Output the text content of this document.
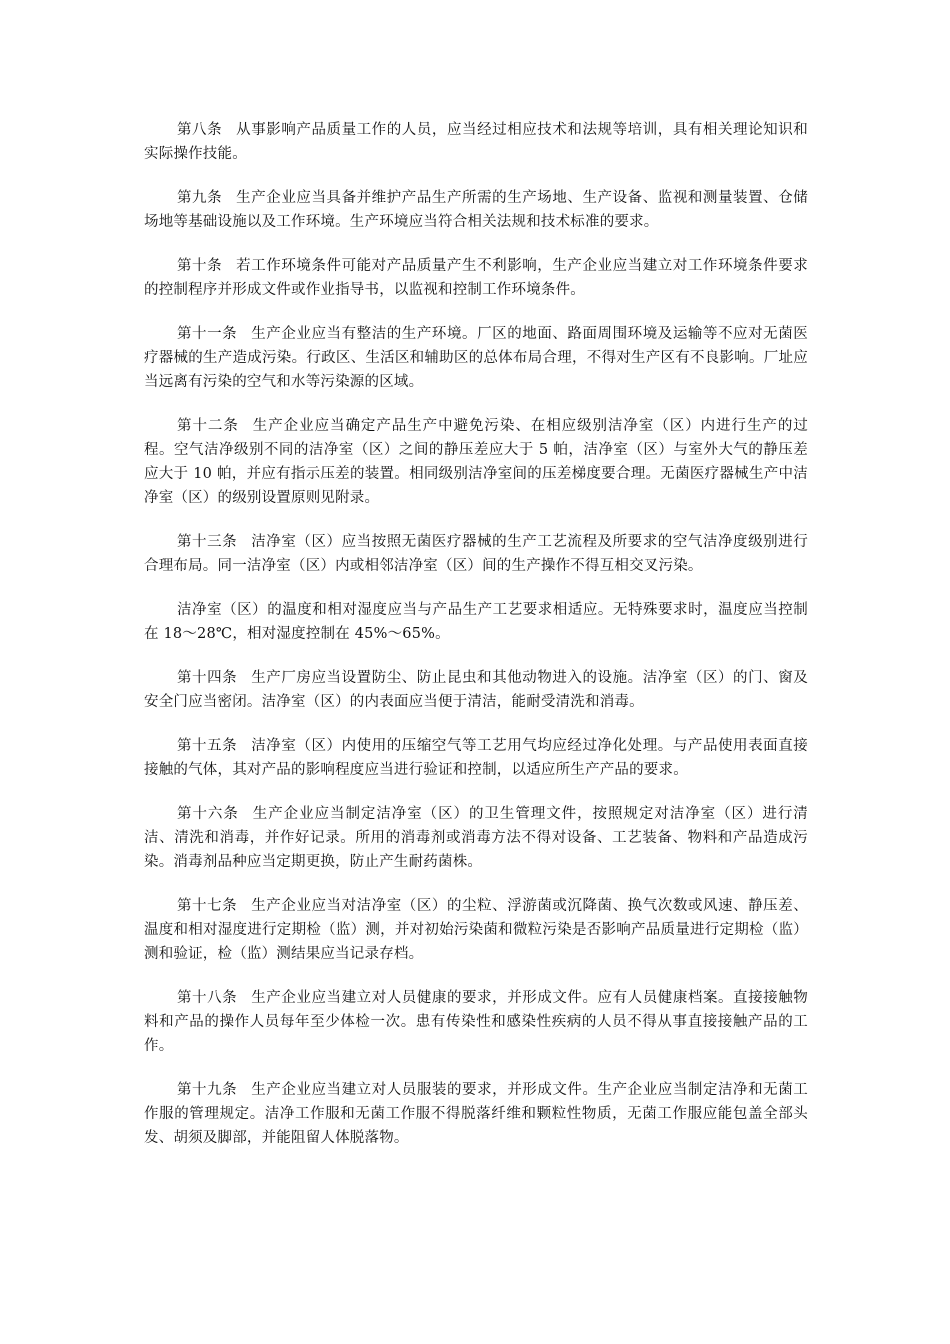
第八条 从事影响产品质量工作的人员，应当经过相应技术和法规等培训，具有相关理论知识和实际操作技能。

第九条 生产企业应当具备并维护产品生产所需的生产场地、生产设备、监视和测量装置、仓储场地等基础设施以及工作环境。生产环境应当符合相关法规和技术标准的要求。

第十条 若工作环境条件可能对产品质量产生不利影响，生产企业应当建立对工作环境条件要求的控制程序并形成文件或作业指导书，以监视和控制工作环境条件。

第十一条 生产企业应当有整洁的生产环境。厂区的地面、路面周围环境及运输等不应对无菌医疗器械的生产造成污染。行政区、生活区和辅助区的总体布局合理，不得对生产区有不良影响。厂址应当远离有污染的空气和水等污染源的区域。

第十二条 生产企业应当确定产品生产中避免污染、在相应级别洁净室（区）内进行生产的过程。空气洁净级别不同的洁净室（区）之间的静压差应大于 5 帕，洁净室（区）与室外大气的静压差应大于 10 帕，并应有指示压差的装置。相同级别洁净室间的压差梯度要合理。无菌医疗器械生产中洁净室（区）的级别设置原则见附录。

第十三条 洁净室（区）应当按照无菌医疗器械的生产工艺流程及所要求的空气洁净度级别进行合理布局。同一洁净室（区）内或相邻洁净室（区）间的生产操作不得互相交叉污染。

洁净室（区）的温度和相对湿度应当与产品生产工艺要求相适应。无特殊要求时，温度应当控制在 18～28℃，相对湿度控制在 45%～65%。

第十四条 生产厂房应当设置防尘、防止昆虫和其他动物进入的设施。洁净室（区）的门、窗及安全门应当密闭。洁净室（区）的内表面应当便于清洁，能耐受清洗和消毒。

第十五条 洁净室（区）内使用的压缩空气等工艺用气均应经过净化处理。与产品使用表面直接接触的气体，其对产品的影响程度应当进行验证和控制，以适应所生产产品的要求。

第十六条 生产企业应当制定洁净室（区）的卫生管理文件，按照规定对洁净室（区）进行清洁、清洗和消毒，并作好记录。所用的消毒剂或消毒方法不得对设备、工艺装备、物料和产品造成污染。消毒剂品种应当定期更换，防止产生耐药菌株。

第十七条 生产企业应当对洁净室（区）的尘粒、浮游菌或沉降菌、换气次数或风速、静压差、温度和相对湿度进行定期检（监）测，并对初始污染菌和微粒污染是否影响产品质量进行定期检（监）测和验证，检（监）测结果应当记录存档。

第十八条 生产企业应当建立对人员健康的要求，并形成文件。应有人员健康档案。直接接触物料和产品的操作人员每年至少体检一次。患有传染性和感染性疾病的人员不得从事直接接触产品的工作。

第十九条 生产企业应当建立对人员服装的要求，并形成文件。生产企业应当制定洁净和无菌工作服的管理规定。洁净工作服和无菌工作服不得脱落纤维和颗粒性物质，无菌工作服应能包盖全部头发、胡须及脚部，并能阻留人体脱落物。
